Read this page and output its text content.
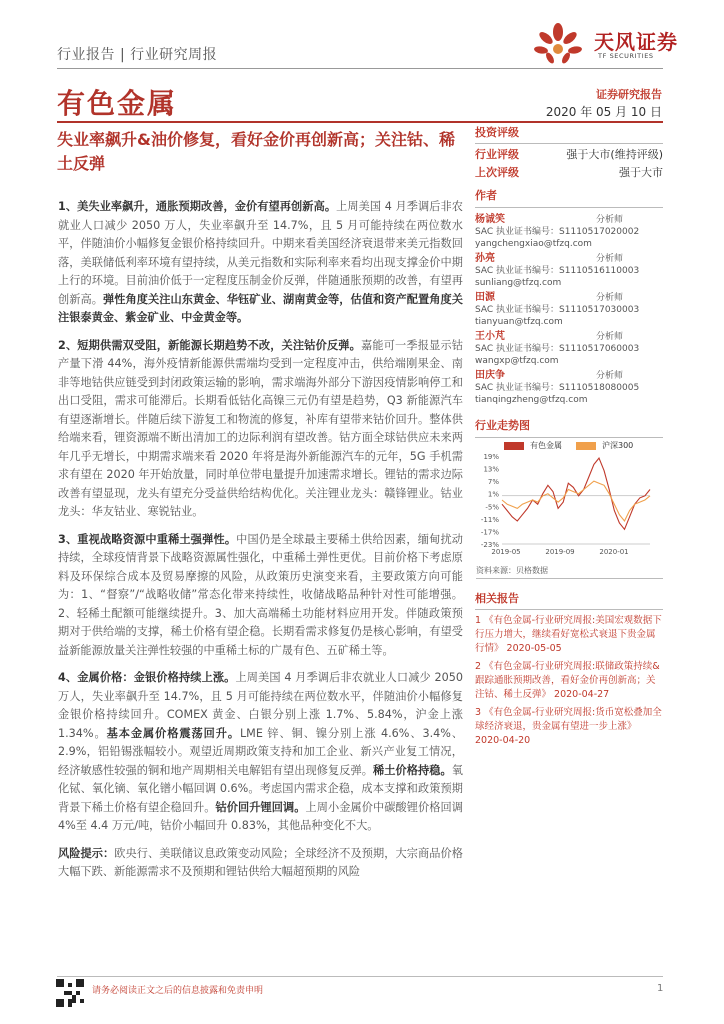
行业报告 | 行业研究周报
天风证券
TF SECURITIES
有色金属	证券研究报告
2020 年 05 月 10 日
失业率飙升&油价修复，看好金价再创新高；关注钴、稀土反弹
投资评级
行业评级	强于大市(维持评级)
上次评级	强于大市
作者
杨诚笑	分析师
SAC 执业证书编号：S1110517020002
yangchengxiao@tfzq.com
孙亮	分析师
SAC 执业证书编号：S1110516110003
sunliang@tfzq.com
田源	分析师
SAC 执业证书编号：S1110517030003
tianyuan@tfzq.com
王小芃	分析师
SAC 执业证书编号：S1110517060003
wangxp@tfzq.com
田庆争	分析师
SAC 执业证书编号：S1110518080005
tianqingzheng@tfzq.com
行业走势图
有色金属	沪深300
19%
13%
7%
1%
-5%
-11%
-17%
-23%
2019-05	2019-09	2020-01
资料来源：贝格数据
相关报告
1 《有色金属-行业研究周报:美国宏观数据下行压力增大，继续看好宽松式衰退下贵金属行情》 2020-05-05
2 《有色金属-行业研究周报:联储政策持续&跟踪通胀预期改善，看好金价再创新高；关注钴、稀土反弹》 2020-04-27
3 《有色金属-行业研究周报:货币宽松叠加全球经济衰退，贵金属有望进一步上涨》 2020-04-20

1、美失业率飙升，通胀预期改善，金价有望再创新高。上周美国 4 月季调后非农就业人口减少 2050 万人，失业率飙升至 14.7%，且 5 月可能持续在两位数水平，伴随油价小幅修复金银价格持续回升。中期来看美国经济衰退带来美元指数回落，美联储低利率环境有望持续，从美元指数和实际利率来看均出现支撑金价中期上行的环境。目前油价低于一定程度压制金价反弹，伴随通胀预期的改善，有望再创新高。弹性角度关注山东黄金、华钰矿业、湖南黄金等，估值和资产配置角度关注银泰黄金、紫金矿业、中金黄金等。

2、短期供需双受阻，新能源长期趋势不改，关注钴价反弹。嘉能可一季报显示钴产量下滑 44%，海外疫情新能源供需端均受到一定程度冲击，供给端刚果金、南非等地钴供应链受到封闭政策运输的影响，需求端海外部分下游因疫情影响停工和出口受阻，需求可能滞后。长期看低钴化高镍三元仍有望是趋势，Q3 新能源汽车有望逐渐增长。伴随后续下游复工和物流的修复，补库有望带来钴价回升。整体供给端来看，锂资源端不断出清加工的边际利润有望改善。钴方面全球钴供应未来两年几乎无增长，中期需求端来看 2020 年将是海外新能源汽车的元年，5G 手机需求有望在 2020 年开始放量，同时单位带电量提升加速需求增长。锂钴的需求边际改善有望显现，龙头有望充分受益供给结构优化。关注锂业龙头：赣锋锂业。钴业龙头：华友钴业、寒锐钴业。

3、重视战略资源中重稀土强弹性。中国仍是全球最主要稀土供给因素，缅甸扰动持续，全球疫情背景下战略资源属性强化，中重稀土弹性更优。目前价格下考虑原料及环保综合成本及贸易摩擦的风险，从政策历史演变来看，主要政策方向可能为：1、“督察”/“战略收储”常态化带来持续性，收储战略品种针对性可能增强。2、轻稀土配额可能继续提升。3、加大高端稀土功能材料应用开发。伴随政策预期对于供给端的支撑，稀土价格有望企稳。长期看需求修复仍是核心影响，有望受益新能源放量关注弹性较强的中重稀土标的广晟有色、五矿稀土等。

4、金属价格：金银价格持续上涨。上周美国 4 月季调后非农就业人口减少 2050 万人，失业率飙升至 14.7%，且 5 月可能持续在两位数水平，伴随油价小幅修复金银价格持续回升。COMEX 黄金、白银分别上涨 1.7%、5.84%，沪金上涨 1.34%。基本金属价格震荡回升。LME 锌、铜、镍分别上涨 4.6%、3.4%、2.9%，铝铅锡涨幅较小。观望近周期政策支持和加工企业、新兴产业复工情况，经济敏感性较强的铜和地产周期相关电解铝有望出现修复反弹。稀土价格持稳。氧化铽、氧化镝、氧化镨小幅回调 0.6%。考虑国内需求企稳，成本支撑和政策预期背景下稀土价格有望企稳回升。钴价回升锂回调。上周小金属价中碳酸锂价格回调 4%至 4.4 万元/吨，钴价小幅回升 0.83%，其他品种变化不大。

风险提示：欧央行、美联储议息政策变动风险；全球经济不及预期，大宗商品价格大幅下跌、新能源需求不及预期和锂钴供给大幅超预期的风险

请务必阅读正文之后的信息披露和免责申明	1
